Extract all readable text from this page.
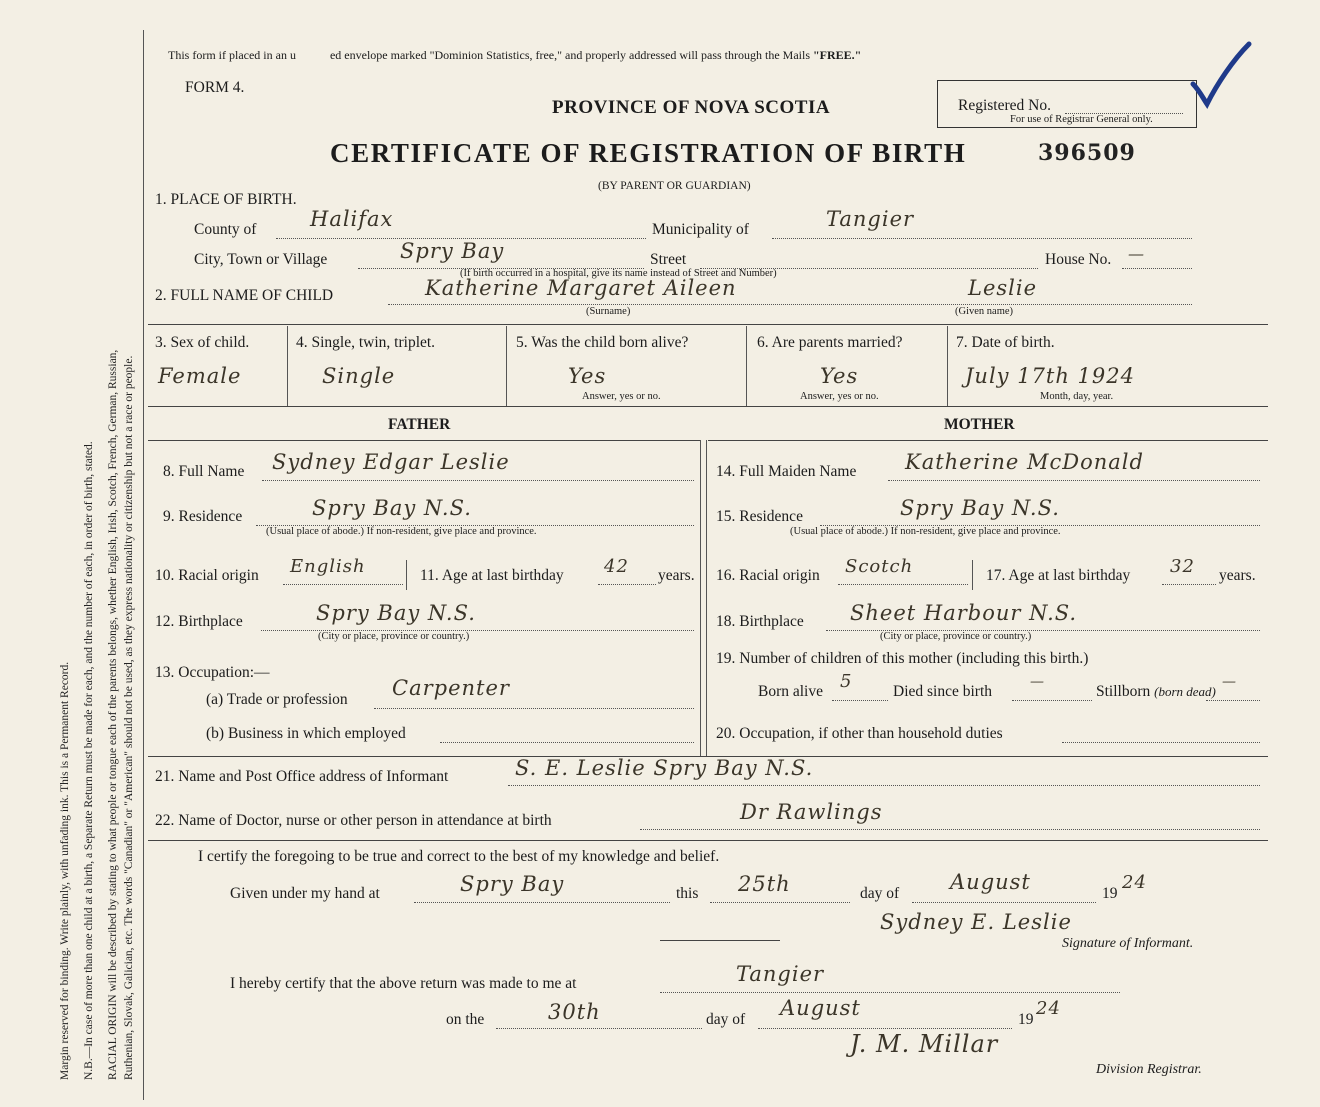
Margin reserved for binding. Write plainly, with unfading ink. This is a Permanent Record. N.B.—In case of more than one child at a birth, a Separate Return must be made for each, and the number of each, in order of birth, stated. RACIAL ORIGIN will be described by stating to what people or tongue each of the parents belongs, whether English, Irish, Scotch, French, German, Russian, Ruthenian, Slovak, Galician, etc. The words "Canadian" or "American" should not be used, as they express nationality or citizenship but not a race or people.
This form if placed in an u	ed envelope marked "Dominion Statistics, free," and properly addressed will pass through the Mails "FREE."
FORM 4.
PROVINCE OF NOVA SCOTIA
CERTIFICATE OF REGISTRATION OF BIRTH
(BY PARENT OR GUARDIAN)
Registered No.
For use of Registrar General only.
396509
1. PLACE OF BIRTH.
County of	Halifax	Municipality of	Tangier
City, Town or Village	Spry Bay	Street	House No. —
(If birth occurred in a hospital, give its name instead of Street and Number)
2. FULL NAME OF CHILD	Katherine Margaret Aileen	Leslie
(Surname)	(Given name)
3. Sex of child.
Female
4. Single, twin, triplet.
Single
5. Was the child born alive?
Yes
Answer, yes or no.
6. Are parents married?
Yes
Answer, yes or no.
7. Date of birth.
July 17th 1924
Month, day, year.
FATHER	MOTHER
8. Full Name Sydney Edgar Leslie
9. Residence	Spry Bay N.S.
(Usual place of abode.) If non-resident, give place and province.
10. Racial origin English	11. Age at last birthday 42 years.
12. Birthplace	Spry Bay N.S.
(City or place, province or country.)
13. Occupation:—
(a) Trade or profession Carpenter
(b) Business in which employed
14. Full Maiden Name Katherine McDonald
15. Residence	Spry Bay N.S.
(Usual place of abode.) If non-resident, give place and province.
16. Racial origin Scotch	17. Age at last birthday 32 years.
18. Birthplace Sheet Harbour N.S.
(City or place, province or country.)
19. Number of children of this mother (including this birth.)
Born alive 5	Died since birth
—
Stillborn (born dead)
—
20. Occupation, if other than household duties
21. Name and Post Office address of Informant	S. E. Leslie Spry Bay N.S.
22. Name of Doctor, nurse or other person in attendance at birth	Dr Rawlings
I certify the foregoing to be true and correct to the best of my knowledge and belief.
Given under my hand at	Spry Bay	this 25th	day of August	19
24
Sydney E. Leslie
Signature of Informant.
I hereby certify that the above return was made to me at	Tangier
on the	30th	day of August	19
24
J. M. Millar
Division Registrar.
